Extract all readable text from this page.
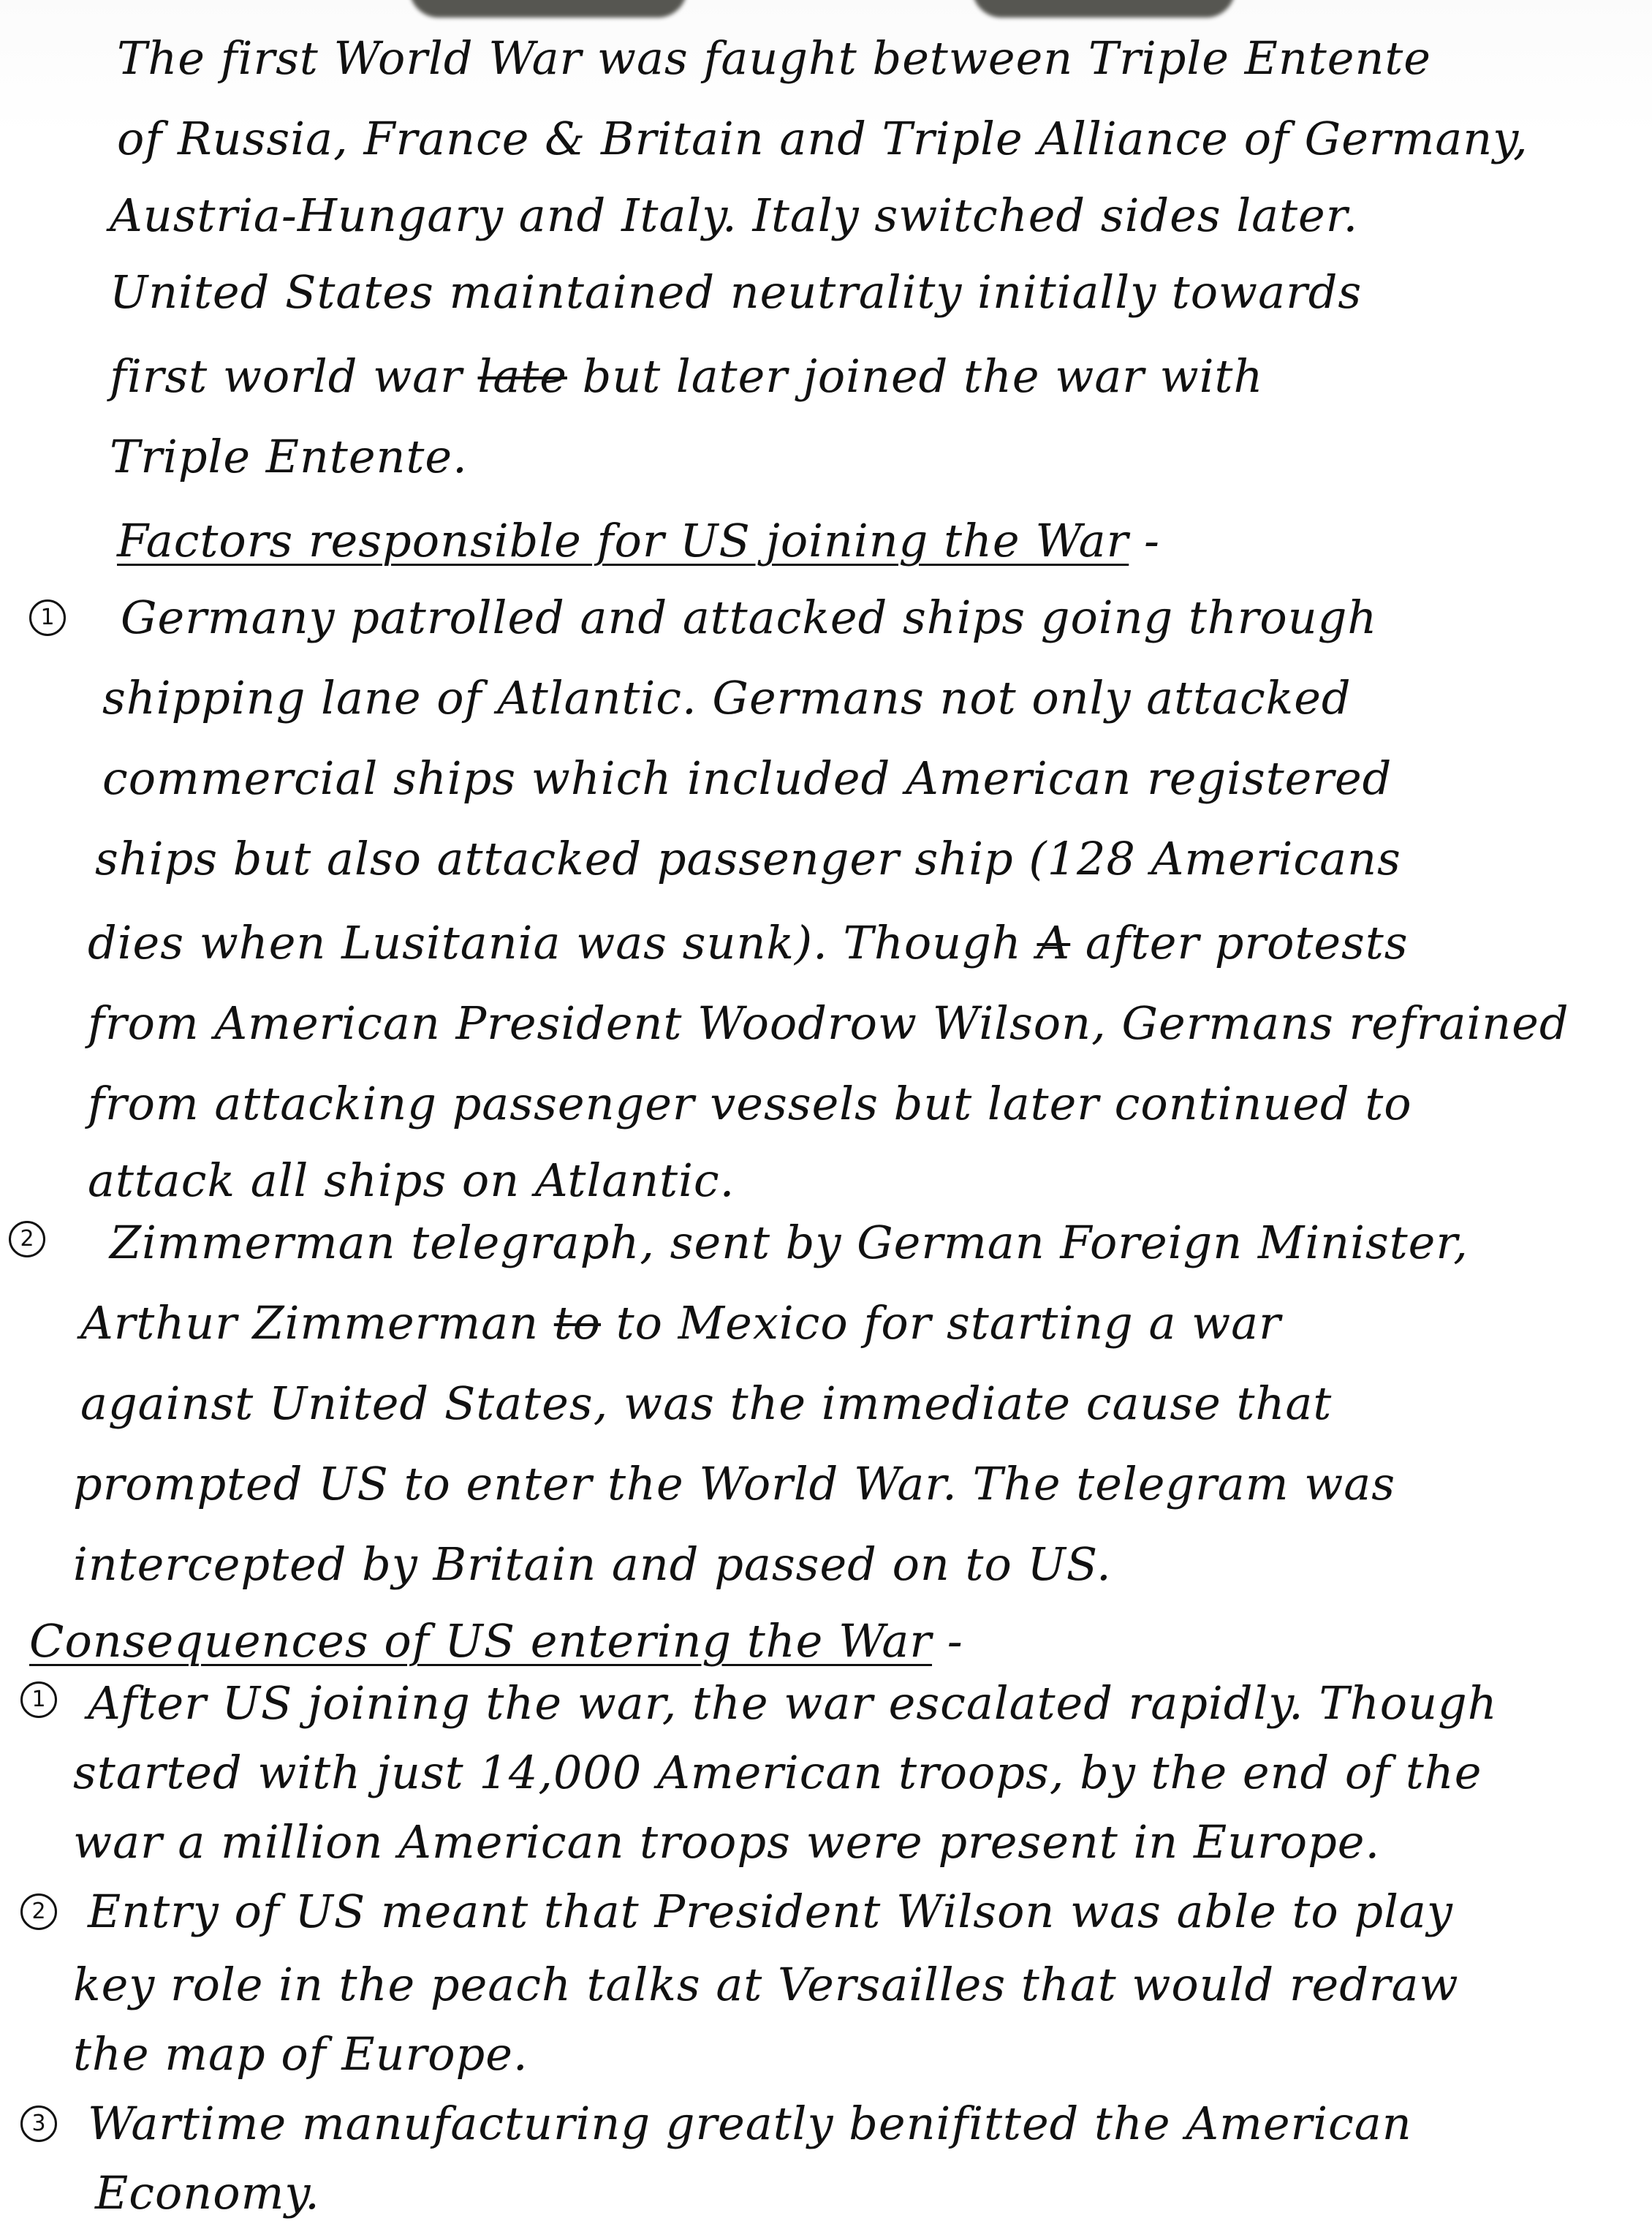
The first World War was faught between Triple Entente
of Russia, France & Britain and Triple Alliance of Germany,
Austria-Hungary and Italy. Italy switched sides later.
United States maintained neutrality initially towards
first world war late but later joined the war with
Triple Entente.
Factors responsible for US joining the War -
1 Germany patrolled and attacked ships going through
shipping lane of Atlantic. Germans not only attacked
commercial ships which included American registered
ships but also attacked passenger ship (128 Americans
dies when Lusitania was sunk). Though A after protests
from American President Woodrow Wilson, Germans refrained
from attacking passenger vessels but later continued to
attack all ships on Atlantic.
2 Zimmerman telegraph, sent by German Foreign Minister,
Arthur Zimmerman to to Mexico for starting a war
against United States, was the immediate cause that
prompted US to enter the World War. The telegram was
intercepted by Britain and passed on to US.
Consequences of US entering the War -
1 After US joining the war, the war escalated rapidly. Though
started with just 14,000 American troops, by the end of the
war a million American troops were present in Europe.
2 Entry of US meant that President Wilson was able to play
key role in the peach talks at Versailles that would redraw
the map of Europe.
3 Wartime manufacturing greatly benifitted the American
Economy.
